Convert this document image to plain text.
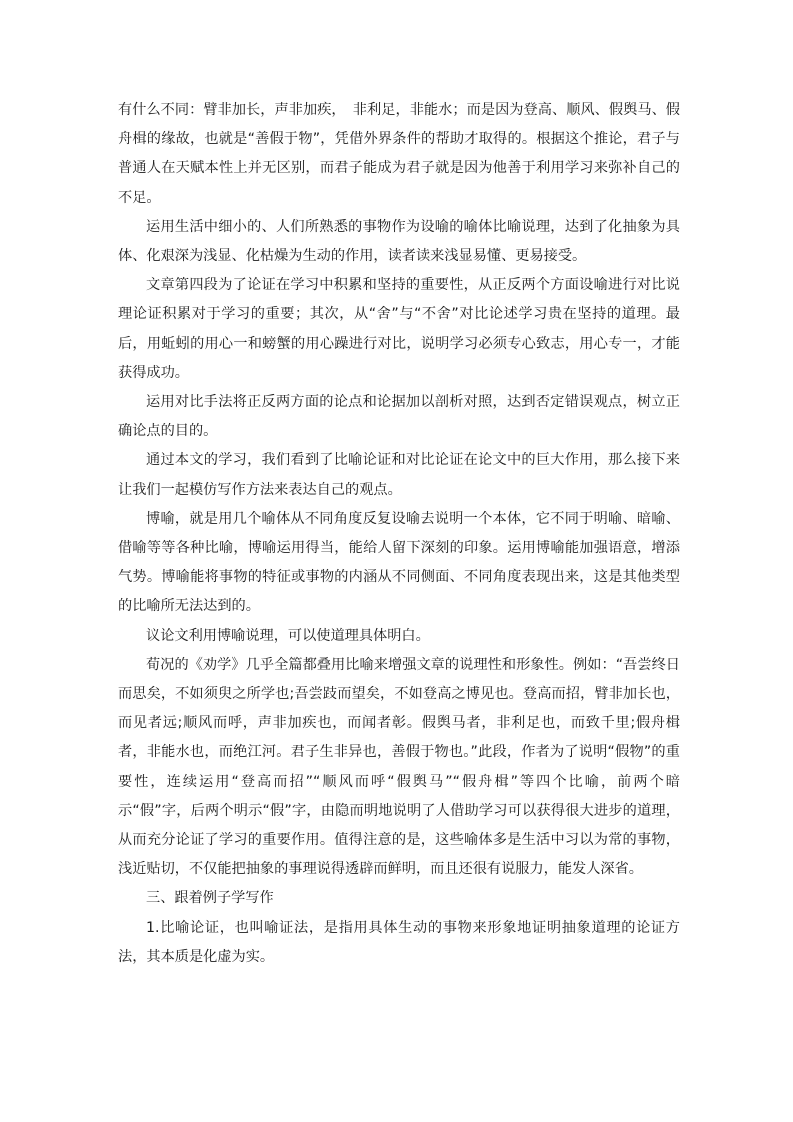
有什么不同：臂非加长，声非加疾，　非利足，非能水；而是因为登高、顺风、假舆马、假舟楫的缘故，也就是“善假于物”，凭借外界条件的帮助才取得的。根据这个推论，君子与普通人在天赋本性上并无区别，而君子能成为君子就是因为他善于利用学习来弥补自己的不足。

运用生活中细小的、人们所熟悉的事物作为设喻的喻体比喻说理，达到了化抽象为具体、化艰深为浅显、化枯燥为生动的作用，读者读来浅显易懂、更易接受。

文章第四段为了论证在学习中积累和坚持的重要性，从正反两个方面设喻进行对比说理论证积累对于学习的重要；其次，从“舍”与“不舍”对比论述学习贵在坚持的道理。最后，用蚯蚓的用心一和螃蟹的用心躁进行对比，说明学习必须专心致志，用心专一，才能获得成功。

运用对比手法将正反两方面的论点和论据加以剖析对照，达到否定错误观点，树立正确论点的目的。

通过本文的学习，我们看到了比喻论证和对比论证在论文中的巨大作用，那么接下来让我们一起模仿写作方法来表达自己的观点。

博喻，就是用几个喻体从不同角度反复设喻去说明一个本体，它不同于明喻、暗喻、借喻等等各种比喻，博喻运用得当，能给人留下深刻的印象。运用博喻能加强语意，增添气势。博喻能将事物的特征或事物的内涵从不同侧面、不同角度表现出来，这是其他类型的比喻所无法达到的。

议论文利用博喻说理，可以使道理具体明白。

荀况的《劝学》几乎全篇都叠用比喻来增强文章的说理性和形象性。例如：“吾尝终日而思矣，不如须臾之所学也;吾尝跂而望矣，不如登高之博见也。登高而招，臂非加长也，而见者远;顺风而呼，声非加疾也，而闻者彰。假舆马者，非利足也，而致千里;假舟楫者，非能水也，而绝江河。君子生非异也，善假于物也。”此段，作者为了说明“假物”的重要性，连续运用“登高而招”“顺风而呼“假舆马”“假舟楫”等四个比喻，前两个暗示“假”字，后两个明示“假”字，由隐而明地说明了人借助学习可以获得很大进步的道理，从而充分论证了学习的重要作用。值得注意的是，这些喻体多是生活中习以为常的事物，浅近贴切，不仅能把抽象的事理说得透辟而鲜明，而且还很有说服力，能发人深省。

三、跟着例子学写作

1.比喻论证，也叫喻证法，是指用具体生动的事物来形象地证明抽象道理的论证方法，其本质是化虚为实。
